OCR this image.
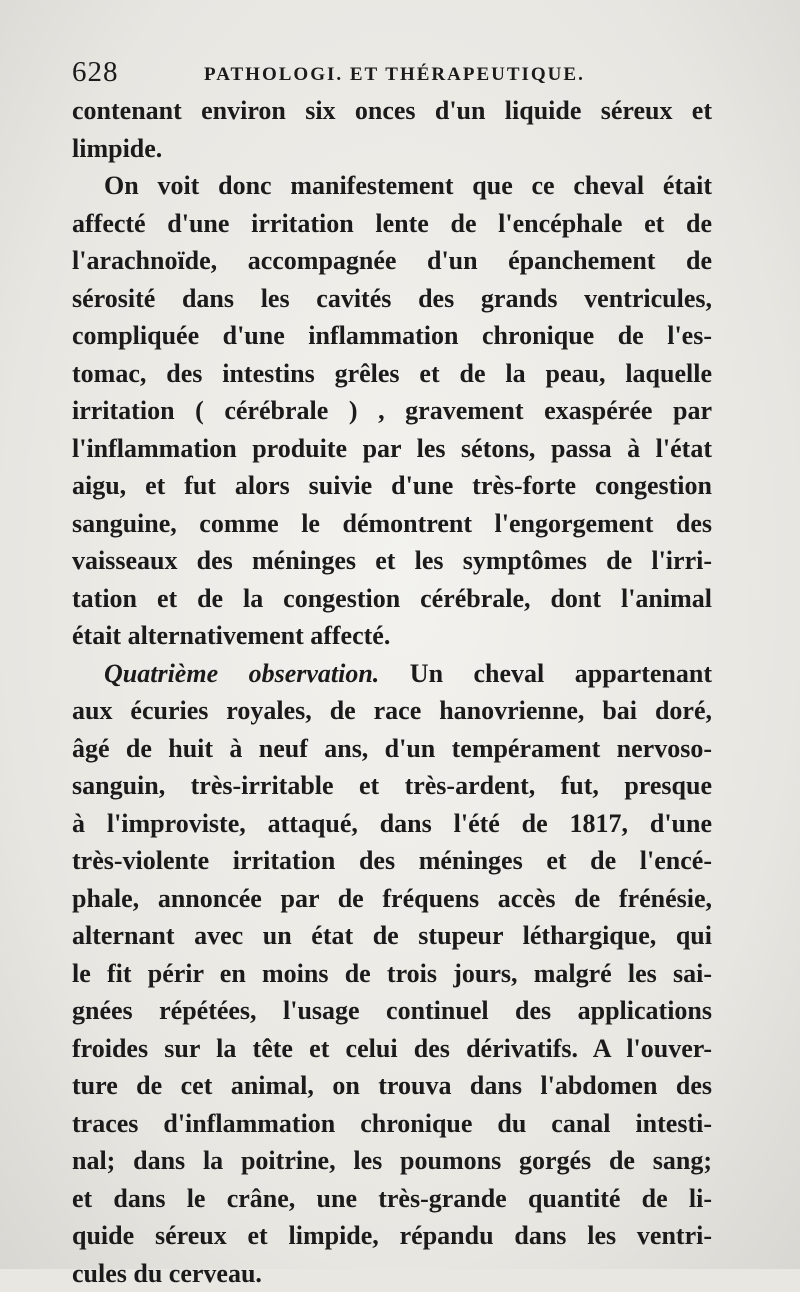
628	PATHOLOGI. ET THÉRAPEUTIQUE.
contenant environ six onces d'un liquide séreux et
limpide.
On voit donc manifestement que ce cheval était
affecté d'une irritation lente de l'encéphale et de
l'arachnoïde, accompagnée d'un épanchement de
sérosité dans les cavités des grands ventricules,
compliquée d'une inflammation chronique de l'es-
tomac, des intestins grêles et de la peau, laquelle
irritation ( cérébrale ) , gravement exaspérée par
l'inflammation produite par les sétons, passa à l'état
aigu, et fut alors suivie d'une très-forte congestion
sanguine, comme le démontrent l'engorgement des
vaisseaux des méninges et les symptômes de l'irri-
tation et de la congestion cérébrale, dont l'animal
était alternativement affecté.
Quatrième observation. Un cheval appartenant
aux écuries royales, de race hanovrienne, bai doré,
âgé de huit à neuf ans, d'un tempérament nervoso-
sanguin, très-irritable et très-ardent, fut, presque
à l'improviste, attaqué, dans l'été de 1817, d'une
très-violente irritation des méninges et de l'encé-
phale, annoncée par de fréquens accès de frénésie,
alternant avec un état de stupeur léthargique, qui
le fit périr en moins de trois jours, malgré les sai-
gnées répétées, l'usage continuel des applications
froides sur la tête et celui des dérivatifs. A l'ouver-
ture de cet animal, on trouva dans l'abdomen des
traces d'inflammation chronique du canal intesti-
nal; dans la poitrine, les poumons gorgés de sang;
et dans le crâne, une très-grande quantité de li-
quide séreux et limpide, répandu dans les ventri-
cules du cerveau.
